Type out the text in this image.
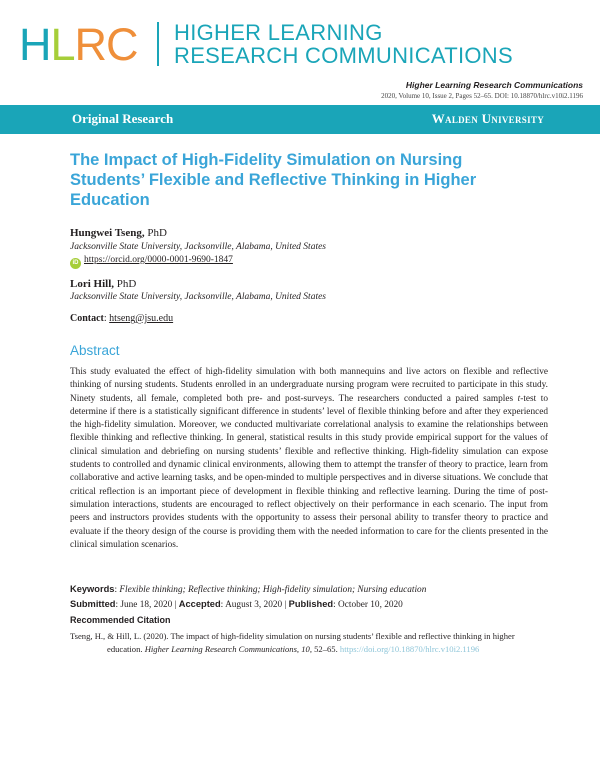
HLRC HIGHER LEARNING
RESEARCH COMMUNICATIONS
Higher Learning Research Communications
2020, Volume 10, Issue 2, Pages 52–65. DOI: 10.18870/hlrc.v10i2.1196
Original Research	Walden University
The Impact of High-Fidelity Simulation on Nursing Students’ Flexible and Reflective Thinking in Higher Education
Hungwei Tseng, PhD
Jacksonville State University, Jacksonville, Alabama, United States
iD https://orcid.org/0000-0001-9690-1847
Lori Hill, PhD
Jacksonville State University, Jacksonville, Alabama, United States
Contact: htseng@jsu.edu
Abstract

This study evaluated the effect of high-fidelity simulation with both mannequins and live actors on flexible and reflective thinking of nursing students. Students enrolled in an undergraduate nursing program were recruited to participate in this study. Ninety students, all female, completed both pre- and post-surveys. The researchers conducted a paired samples t-test to determine if there is a statistically significant difference in students’ level of flexible thinking before and after they experienced the high-fidelity simulation. Moreover, we conducted multivariate correlational analysis to examine the relationships between flexible thinking and reflective thinking. In general, statistical results in this study provide empirical support for the values of clinical simulation and debriefing on nursing students’ flexible and reflective thinking. High-fidelity simulation can expose students to controlled and dynamic clinical environments, allowing them to attempt the transfer of theory to practice, learn from collaborative and active learning tasks, and be open-minded to multiple perspectives and in diverse situations. We conclude that critical reflection is an important piece of development in flexible thinking and reflective learning. During the time of post-simulation interactions, students are encouraged to reflect objectively on their performance in each scenario. The input from peers and instructors provides students with the opportunity to assess their personal ability to transfer theory to practice and evaluate if the theory design of the course is providing them with the needed information to care for the clients presented in the clinical simulation scenarios.

Keywords: Flexible thinking; Reflective thinking; High-fidelity simulation; Nursing education
Submitted: June 18, 2020 | Accepted: August 3, 2020 | Published: October 10, 2020
Recommended Citation

Tseng, H., & Hill, L. (2020). The impact of high-fidelity simulation on nursing students’ flexible and reflective thinking in higher
education. Higher Learning Research Communications, 10, 52–65. https://doi.org/10.18870/hlrc.v10i2.1196
